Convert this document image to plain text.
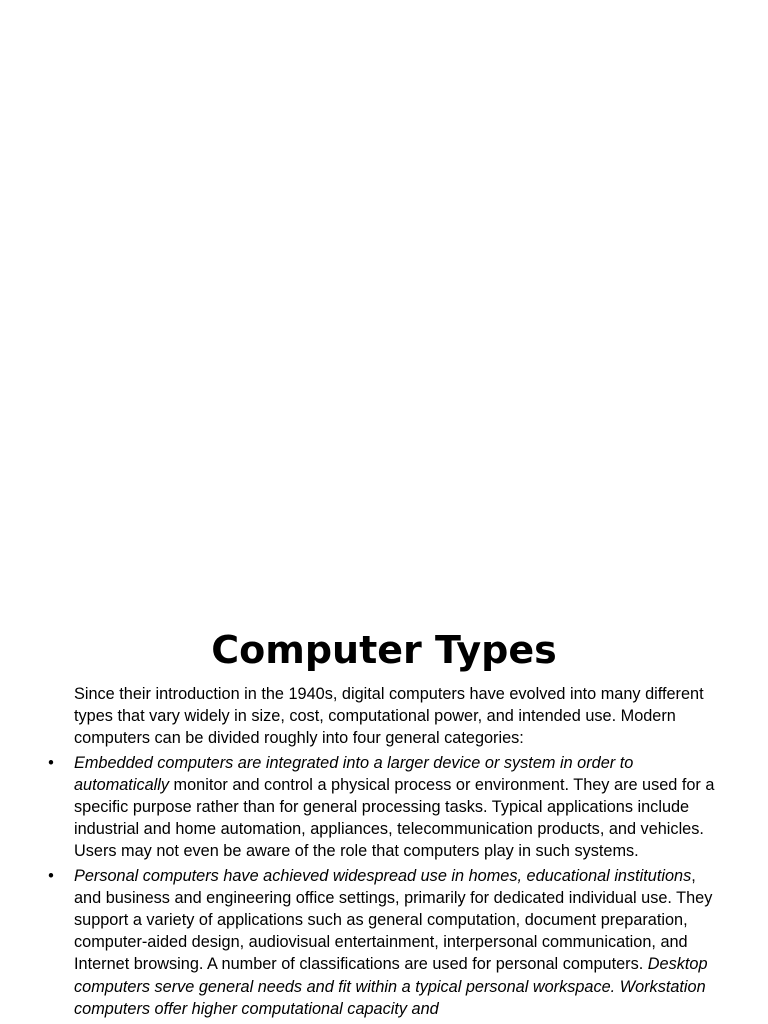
Computer Types

Since their introduction in the 1940s, digital computers have evolved into many different types that vary widely in size, cost, computational power, and intended use. Modern computers can be divided roughly into four general categories:

• Embedded computers are integrated into a larger device or system in order to automatically monitor and control a physical process or environment. They are used for a specific purpose rather than for general processing tasks. Typical applications include industrial and home automation, appliances, telecommunication products, and vehicles. Users may not even be aware of the role that computers play in such systems.
• Personal computers have achieved widespread use in homes, educational institutions, and business and engineering office settings, primarily for dedicated individual use. They support a variety of applications such as general computation, document preparation, computer-aided design, audiovisual entertainment, interpersonal communication, and Internet browsing. A number of classifications are used for personal computers. Desktop computers serve general needs and fit within a typical personal workspace. Workstation computers offer higher computational capacity and
